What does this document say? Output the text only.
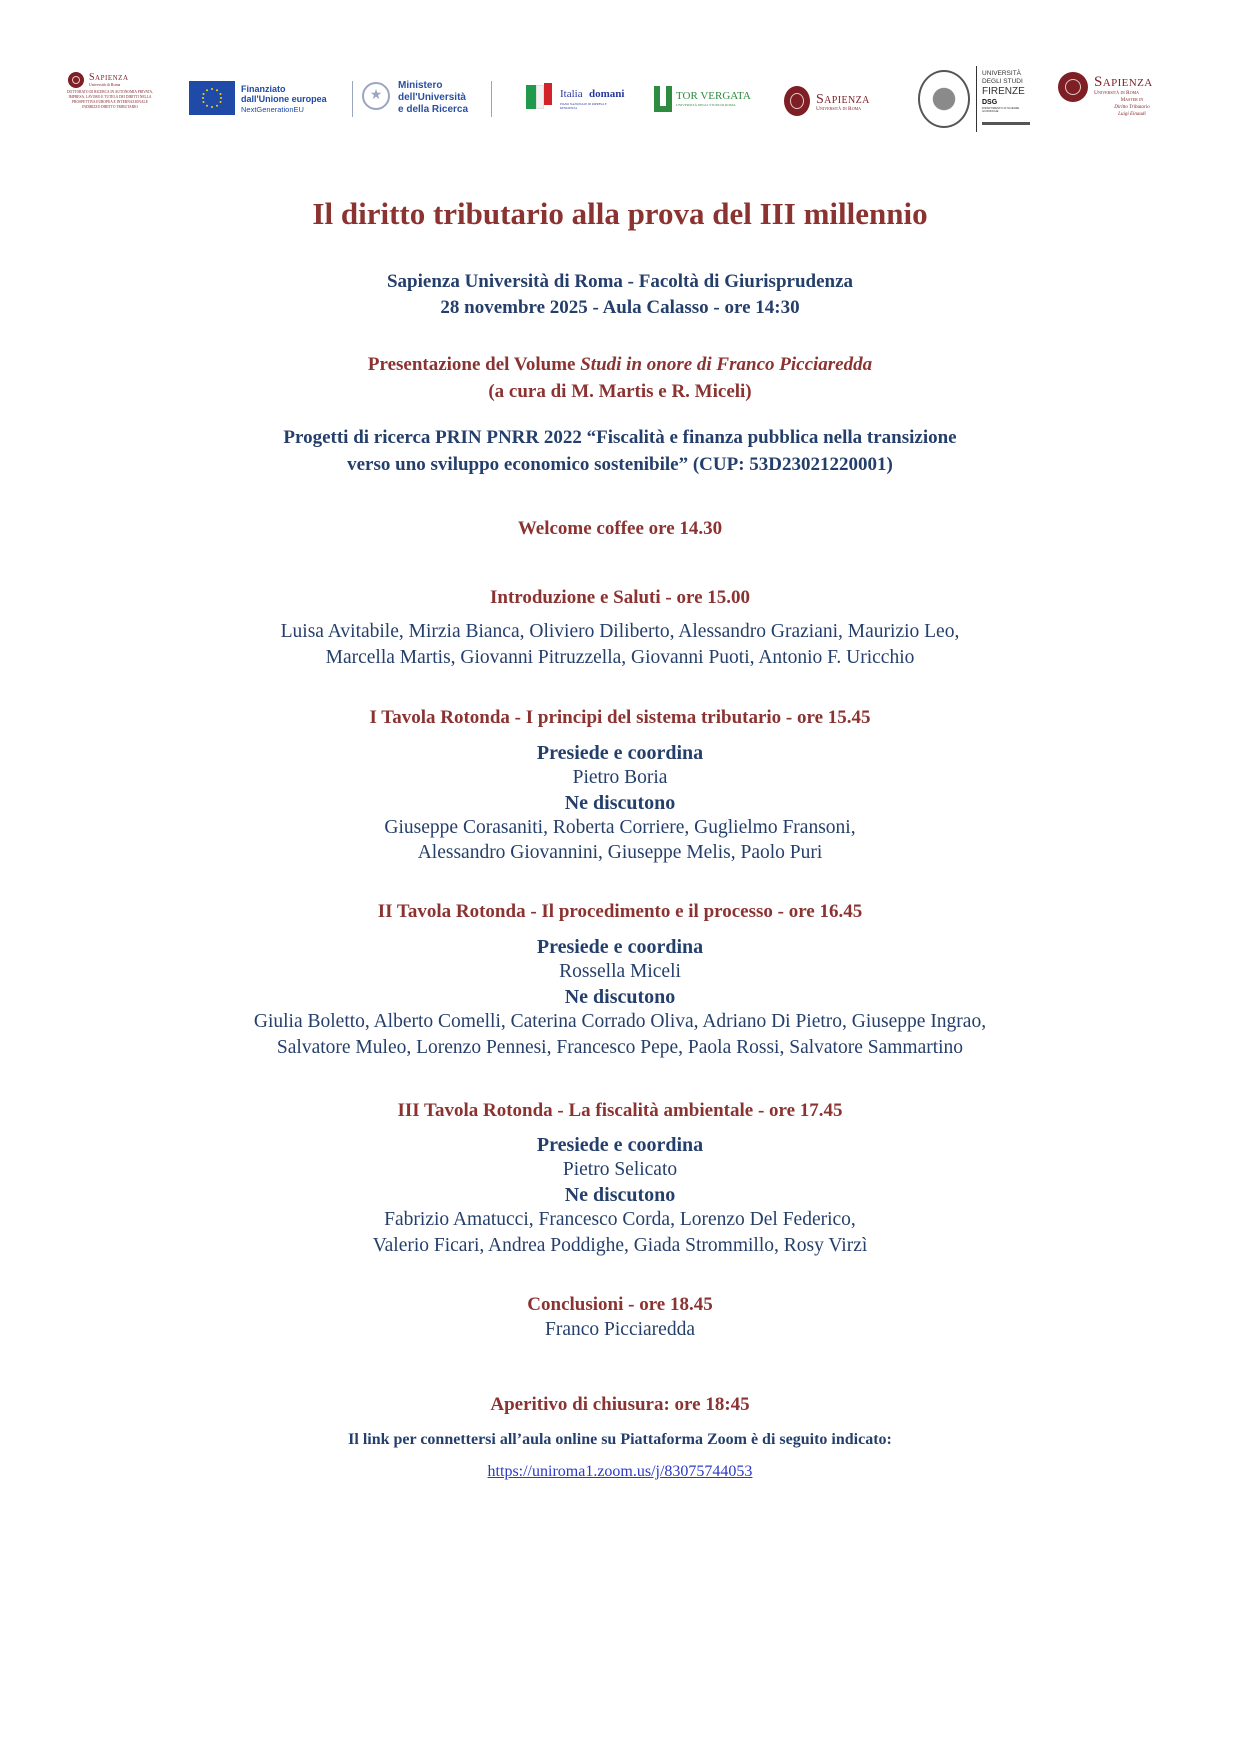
Sapienza
Università di Roma
DOTTORATO DI RICERCA IN AUTONOMIA PRIVATA,
IMPRESA, LAVORO E TUTELA DEI DIRITTI NELLA
PROSPETTIVA EUROPEA E INTERNAZIONALE
INDIRIZZO DIRITTO TRIBUTARIO
Finanziato
dall'Unione europea
NextGenerationEU
★
Ministero
dell'Università
e della Ricerca
Italia domani
PIANO NAZIONALE DI RIPRESA E RESILIENZA
TOR VERGATA
UNIVERSITÀ DEGLI STUDI DI ROMA	Sapienza
Università di Roma
UNIVERSITÀ
DEGLI STUDI
FIRENZE
DSG
DIPARTIMENTO DI SCIENZE GIURIDICHE
Sapienza
Università di Roma
Master in
Diritto Tributario
Luigi Einaudi
Il diritto tributario alla prova del III millennio
Sapienza Università di Roma - Facoltà di Giurisprudenza
28 novembre 2025 - Aula Calasso - ore 14:30
Presentazione del Volume Studi in onore di Franco Picciaredda
(a cura di M. Martis e R. Miceli)
Progetti di ricerca PRIN PNRR 2022 “Fiscalità e finanza pubblica nella transizione
verso uno sviluppo economico sostenibile” (CUP: 53D23021220001)
Welcome coffee ore 14.30
Introduzione e Saluti - ore 15.00
Luisa Avitabile, Mirzia Bianca, Oliviero Diliberto, Alessandro Graziani, Maurizio Leo,
Marcella Martis, Giovanni Pitruzzella, Giovanni Puoti, Antonio F. Uricchio
I Tavola Rotonda - I principi del sistema tributario - ore 15.45
Presiede e coordina
Pietro Boria
Ne discutono
Giuseppe Corasaniti, Roberta Corriere, Guglielmo Fransoni,
Alessandro Giovannini, Giuseppe Melis, Paolo Puri
II Tavola Rotonda - Il procedimento e il processo - ore 16.45
Presiede e coordina
Rossella Miceli
Ne discutono
Giulia Boletto, Alberto Comelli, Caterina Corrado Oliva, Adriano Di Pietro, Giuseppe Ingrao,
Salvatore Muleo, Lorenzo Pennesi, Francesco Pepe, Paola Rossi, Salvatore Sammartino
III Tavola Rotonda - La fiscalità ambientale - ore 17.45
Presiede e coordina
Pietro Selicato
Ne discutono
Fabrizio Amatucci, Francesco Corda, Lorenzo Del Federico,
Valerio Ficari, Andrea Poddighe, Giada Strommillo, Rosy Virzì
Conclusioni - ore 18.45
Franco Picciaredda
Aperitivo di chiusura: ore 18:45
Il link per connettersi all’aula online su Piattaforma Zoom è di seguito indicato:
https://uniroma1.zoom.us/j/83075744053
